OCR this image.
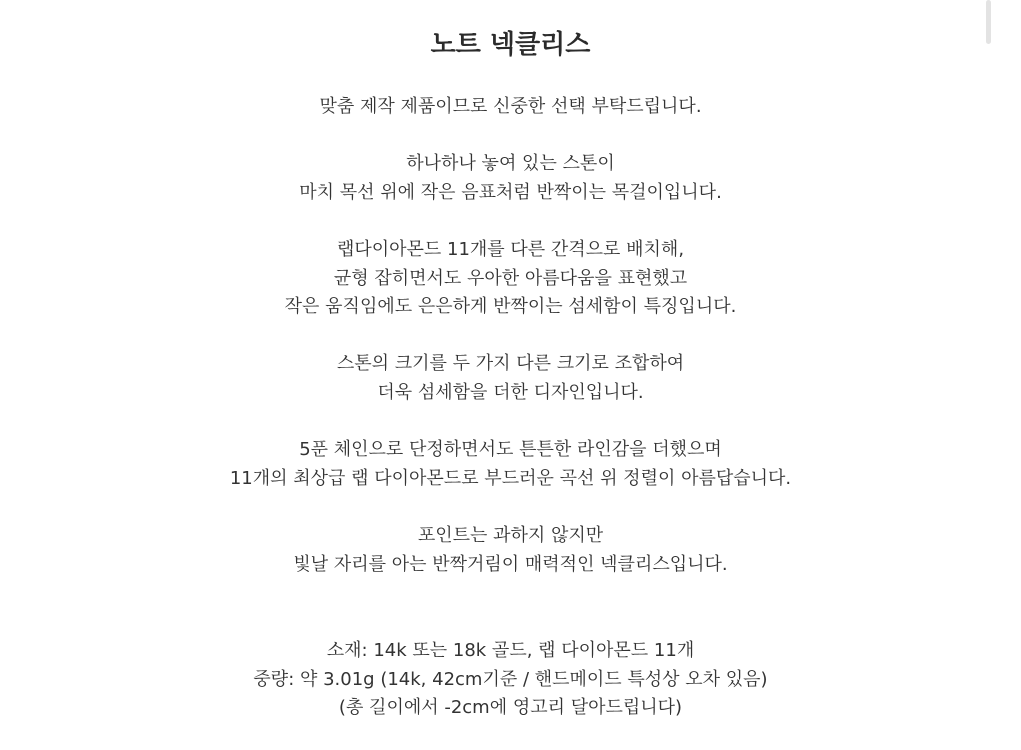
노트 넥클리스

맞춤 제작 제품이므로 신중한 선택 부탁드립니다.

하나하나 놓여 있는 스톤이
마치 목선 위에 작은 음표처럼 반짝이는 목걸이입니다.

랩다이아몬드 11개를 다른 간격으로 배치해,
균형 잡히면서도 우아한 아름다움을 표현했고
작은 움직임에도 은은하게 반짝이는 섬세함이 특징입니다.

스톤의 크기를 두 가지 다른 크기로 조합하여
더욱 섬세함을 더한 디자인입니다.

5푼 체인으로 단정하면서도 튼튼한 라인감을 더했으며
11개의 최상급 랩 다이아몬드로 부드러운 곡선 위 정렬이 아름답습니다.

포인트는 과하지 않지만
빛날 자리를 아는 반짝거림이 매력적인 넥클리스입니다.

소재: 14k 또는 18k 골드, 랩 다이아몬드 11개
중량: 약 3.01g (14k, 42cm기준 / 핸드메이드 특성상 오차 있음)
(총 길이에서 -2cm에 영고리 달아드립니다)
